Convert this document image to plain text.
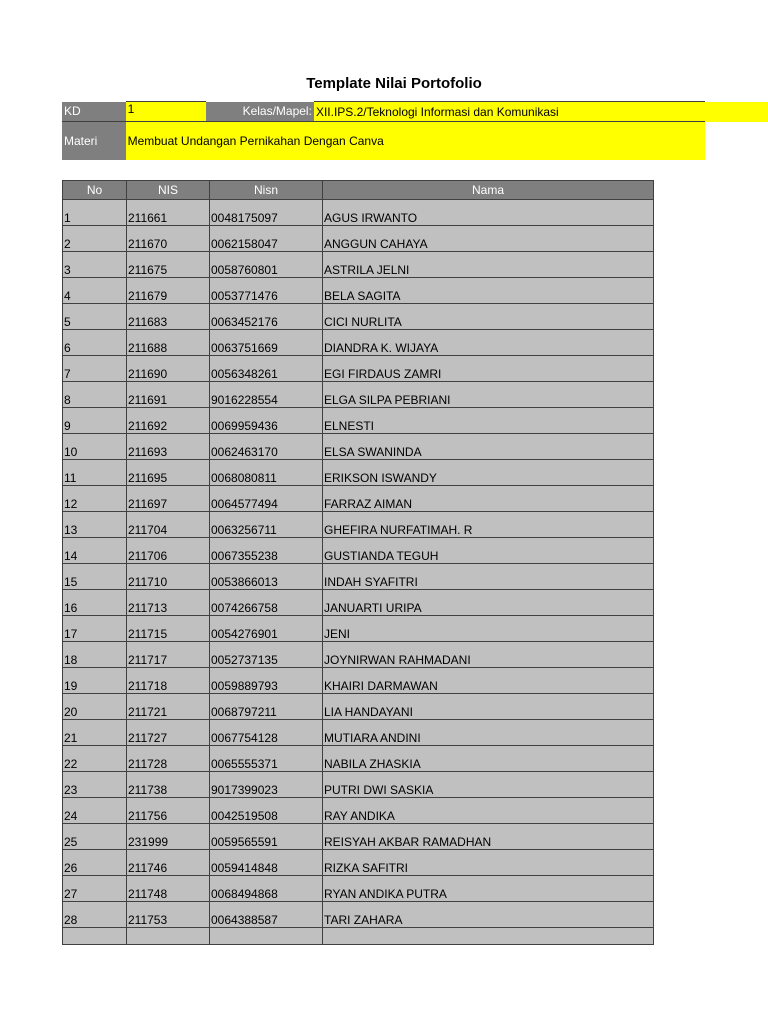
Template Nilai Portofolio
KD	1	Kelas/Mapel:	XII.IPS.2/Teknologi Informasi dan Komunikasi	
Materi	Membuat Undangan Pernikahan Dengan Canva			
No	NIS	Nisn	Nama
1	211661	0048175097	AGUS IRWANTO
2	211670	0062158047	ANGGUN CAHAYA
3	211675	0058760801	ASTRILA JELNI
4	211679	0053771476	BELA SAGITA
5	211683	0063452176	CICI NURLITA
6	211688	0063751669	DIANDRA K. WIJAYA
7	211690	0056348261	EGI FIRDAUS ZAMRI
8	211691	9016228554	ELGA SILPA PEBRIANI
9	211692	0069959436	ELNESTI
10	211693	0062463170	ELSA SWANINDA
11	211695	0068080811	ERIKSON ISWANDY
12	211697	0064577494	FARRAZ AIMAN
13	211704	0063256711	GHEFIRA NURFATIMAH. R
14	211706	0067355238	GUSTIANDA TEGUH
15	211710	0053866013	INDAH SYAFITRI
16	211713	0074266758	JANUARTI URIPA
17	211715	0054276901	JENI
18	211717	0052737135	JOYNIRWAN RAHMADANI
19	211718	0059889793	KHAIRI DARMAWAN
20	211721	0068797211	LIA HANDAYANI
21	211727	0067754128	MUTIARA ANDINI
22	211728	0065555371	NABILA ZHASKIA
23	211738	9017399023	PUTRI DWI SASKIA
24	211756	0042519508	RAY ANDIKA
25	231999	0059565591	REISYAH AKBAR RAMADHAN
26	211746	0059414848	RIZKA SAFITRI
27	211748	0068494868	RYAN ANDIKA PUTRA
28	211753	0064388587	TARI ZAHARA
